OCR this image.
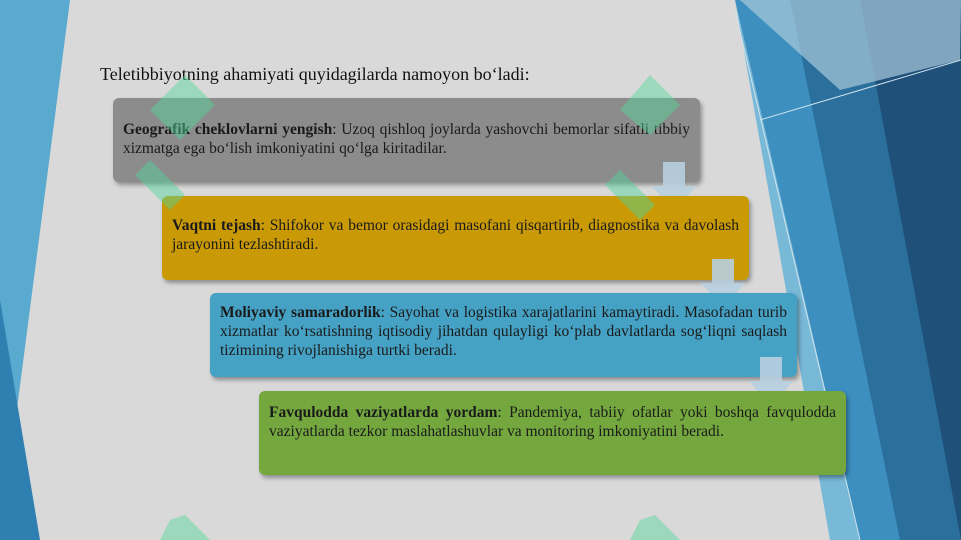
Teletibbiyotning ahamiyati quyidagilarda namoyon bo‘ladi:
Geografik cheklovlarni yengish: Uzoq qishloq joylarda yashovchi bemorlar sifatli tibbiy xizmatga ega bo‘lish imkoniyatini qo‘lga kiritadilar.
Vaqtni tejash: Shifokor va bemor orasidagi masofani qisqartirib, diagnostika va davolash jarayonini tezlashtiradi.
Moliyaviy samaradorlik: Sayohat va logistika xarajatlarini kamaytiradi. Masofadan turib xizmatlar ko‘rsatishning iqtisodiy jihatdan qulayligi ko‘plab davlatlarda sog‘liqni saqlash tizimining rivojlanishiga turtki beradi.
Favqulodda vaziyatlarda yordam: Pandemiya, tabiiy ofatlar yoki boshqa favqulodda vaziyatlarda tezkor maslahatlashuvlar va monitoring imkoniyatini beradi.
